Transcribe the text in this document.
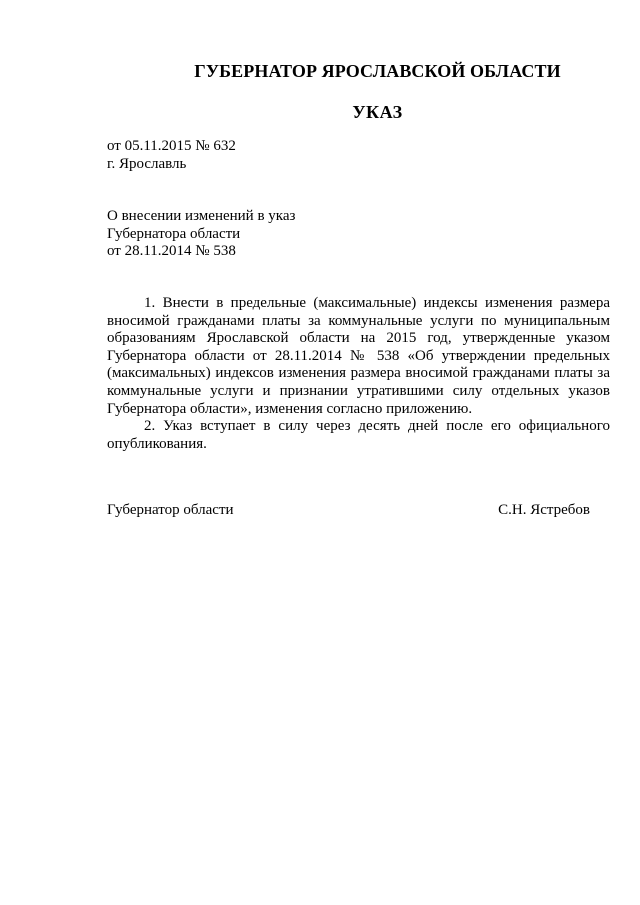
ГУБЕРНАТОР ЯРОСЛАВСКОЙ ОБЛАСТИ
УКАЗ
от 05.11.2015 № 632
г. Ярославль
О внесении изменений в указ
Губернатора области
от 28.11.2014 № 538

1. Внести в предельные (максимальные) индексы изменения размера вносимой гражданами платы за коммунальные услуги по муниципальным образованиям Ярославской области на 2015 год, утвержденные указом Губернатора области от 28.11.2014 № 538 «Об утверждении предельных (максимальных) индексов изменения размера вносимой гражданами платы за коммунальные услуги и признании утратившими силу отдельных указов Губернатора области», изменения согласно приложению.

2. Указ вступает в силу через десять дней после его официального опубликования.

Губернатор области	С.Н. Ястребов
